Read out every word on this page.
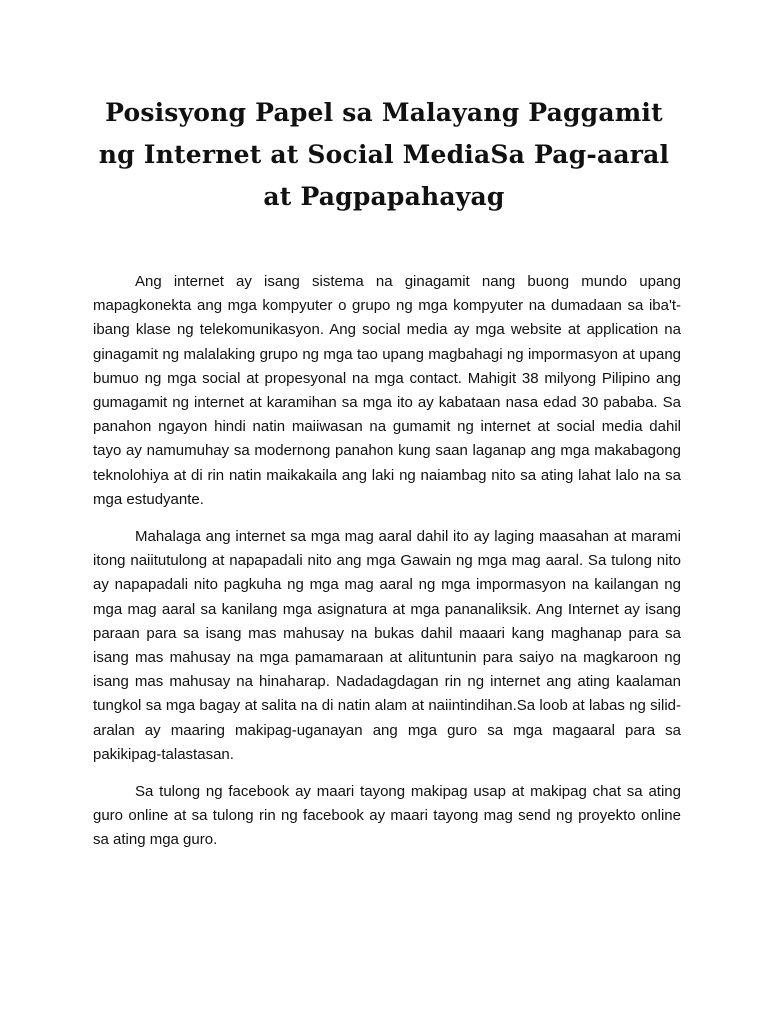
Posisyong Papel sa Malayang Paggamit ng Internet at Social MediaSa Pag-aaral at Pagpapahayag

Ang internet ay isang sistema na ginagamit nang buong mundo upang mapagkonekta ang mga kompyuter o grupo ng mga kompyuter na dumadaan sa iba't-ibang klase ng telekomunikasyon. Ang social media ay mga website at application na ginagamit ng malalaking grupo ng mga tao upang magbahagi ng impormasyon at upang bumuo ng mga social at propesyonal na mga contact. Mahigit 38 milyong Pilipino ang gumagamit ng internet at karamihan sa mga ito ay kabataan nasa edad 30 pababa. Sa panahon ngayon hindi natin maiiwasan na gumamit ng internet at social media dahil tayo ay namumuhay sa modernong panahon kung saan laganap ang mga makabagong teknolohiya at di rin natin maikakaila ang laki ng naiambag nito sa ating lahat lalo na sa mga estudyante.

Mahalaga ang internet sa mga mag aaral dahil ito ay laging maasahan at marami itong naiitutulong at napapadali nito ang mga Gawain ng mga mag aaral. Sa tulong nito ay napapadali nito pagkuha ng mga mag aaral ng mga impormasyon na kailangan ng mga mag aaral sa kanilang mga asignatura at mga pananaliksik. Ang Internet ay isang paraan para sa isang mas mahusay na bukas dahil maaari kang maghanap para sa isang mas mahusay na mga pamamaraan at alituntunin para saiyo na magkaroon ng isang mas mahusay na hinaharap. Nadadagdagan rin ng internet ang ating kaalaman tungkol sa mga bagay at salita na di natin alam at naiintindihan.Sa loob at labas ng silid-aralan ay maaring makipag-uganayan ang mga guro sa mga magaaral para sa pakikipag-talastasan.

Sa tulong ng facebook ay maari tayong makipag usap at makipag chat sa ating guro online at sa tulong rin ng facebook ay maari tayong mag send ng proyekto online sa ating mga guro.
